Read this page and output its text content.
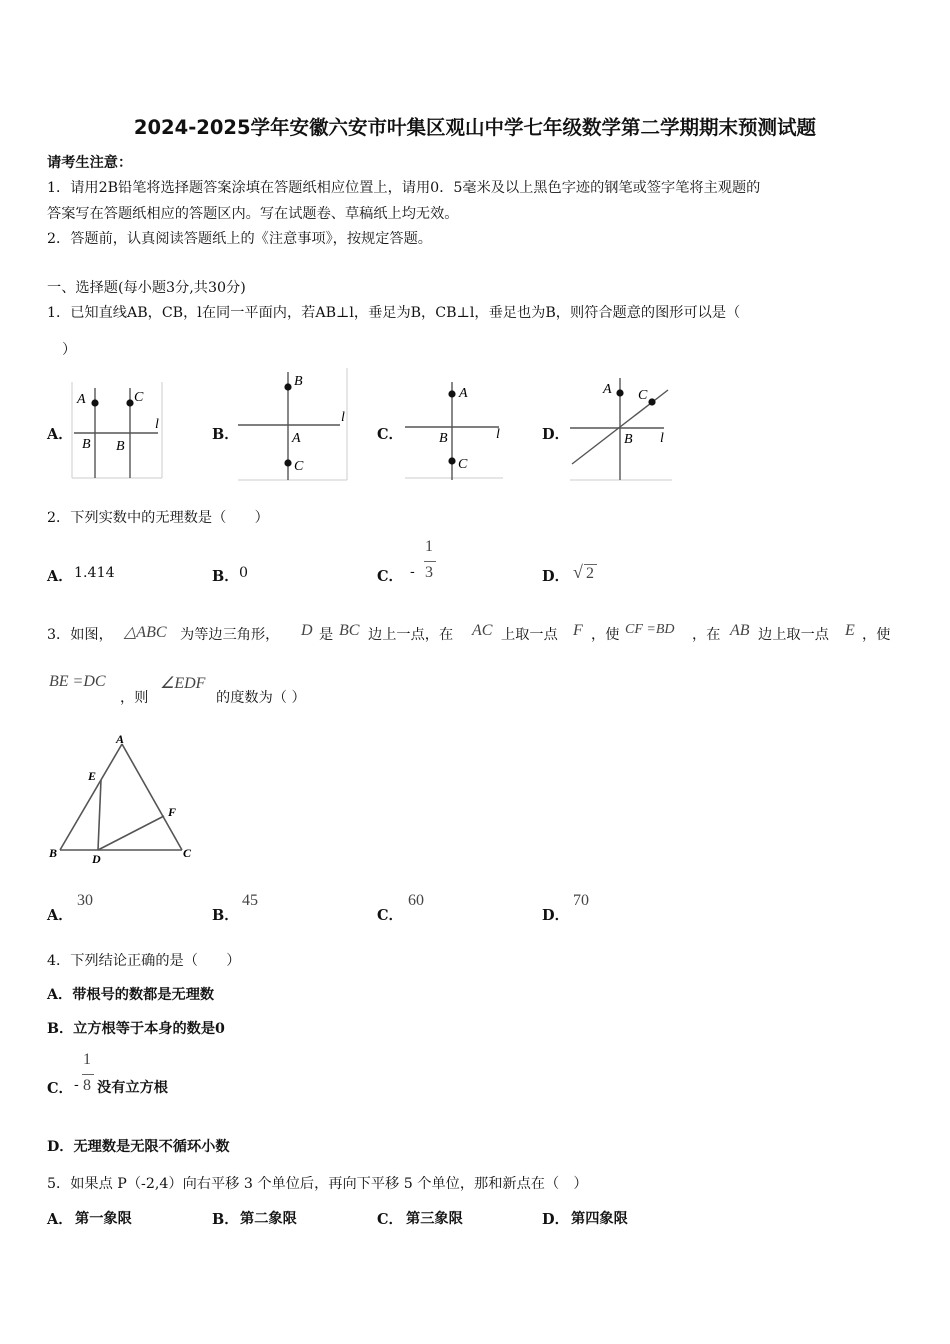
2024-2025学年安徽六安市叶集区观山中学七年级数学第二学期期末预测试题
请考生注意：
1．请用2B铅笔将选择题答案涂填在答题纸相应位置上，请用0．5毫米及以上黑色字迹的钢笔或签字笔将主观题的
答案写在答题纸相应的答题区内。写在试题卷、草稿纸上均无效。
2．答题前，认真阅读答题纸上的《注意事项》，按规定答题。
一、选择题(每小题3分,共30分)
1．已知直线AB，CB，l在同一平面内，若AB⊥l，垂足为B，CB⊥l，垂足也为B，则符合题意的图形可以是（
）
A．	B．	C．	D．
A	C
B B
l
B
A
C
l
A
B
C
l
A C
B l
2．下列实数中的无理数是（　　）
A． 1.414	B． 0	C． -
1
3	D． √ 2
3．如图， △ABC 为等边三角形， D 是 BC 边上一点，在 AC 上取一点 F ，使 CF =BD ，在 AB 边上取一点 E ，使
BE =DC
，则
∠EDF
的度数为（ ）
A
E
F
B	D	C
A．
30
B．
45
C．
60
D．
70
4．下列结论正确的是（　　）
A．带根号的数都是无理数
B．立方根等于本身的数是0
C． -
1
8 没有立方根
D．无理数是无限不循环小数
5．如果点 P（-2,4）向右平移 3 个单位后，再向下平移 5 个单位，那和新点在（　）
A． 第一象限	B． 第二象限	C． 第三象限	D． 第四象限
